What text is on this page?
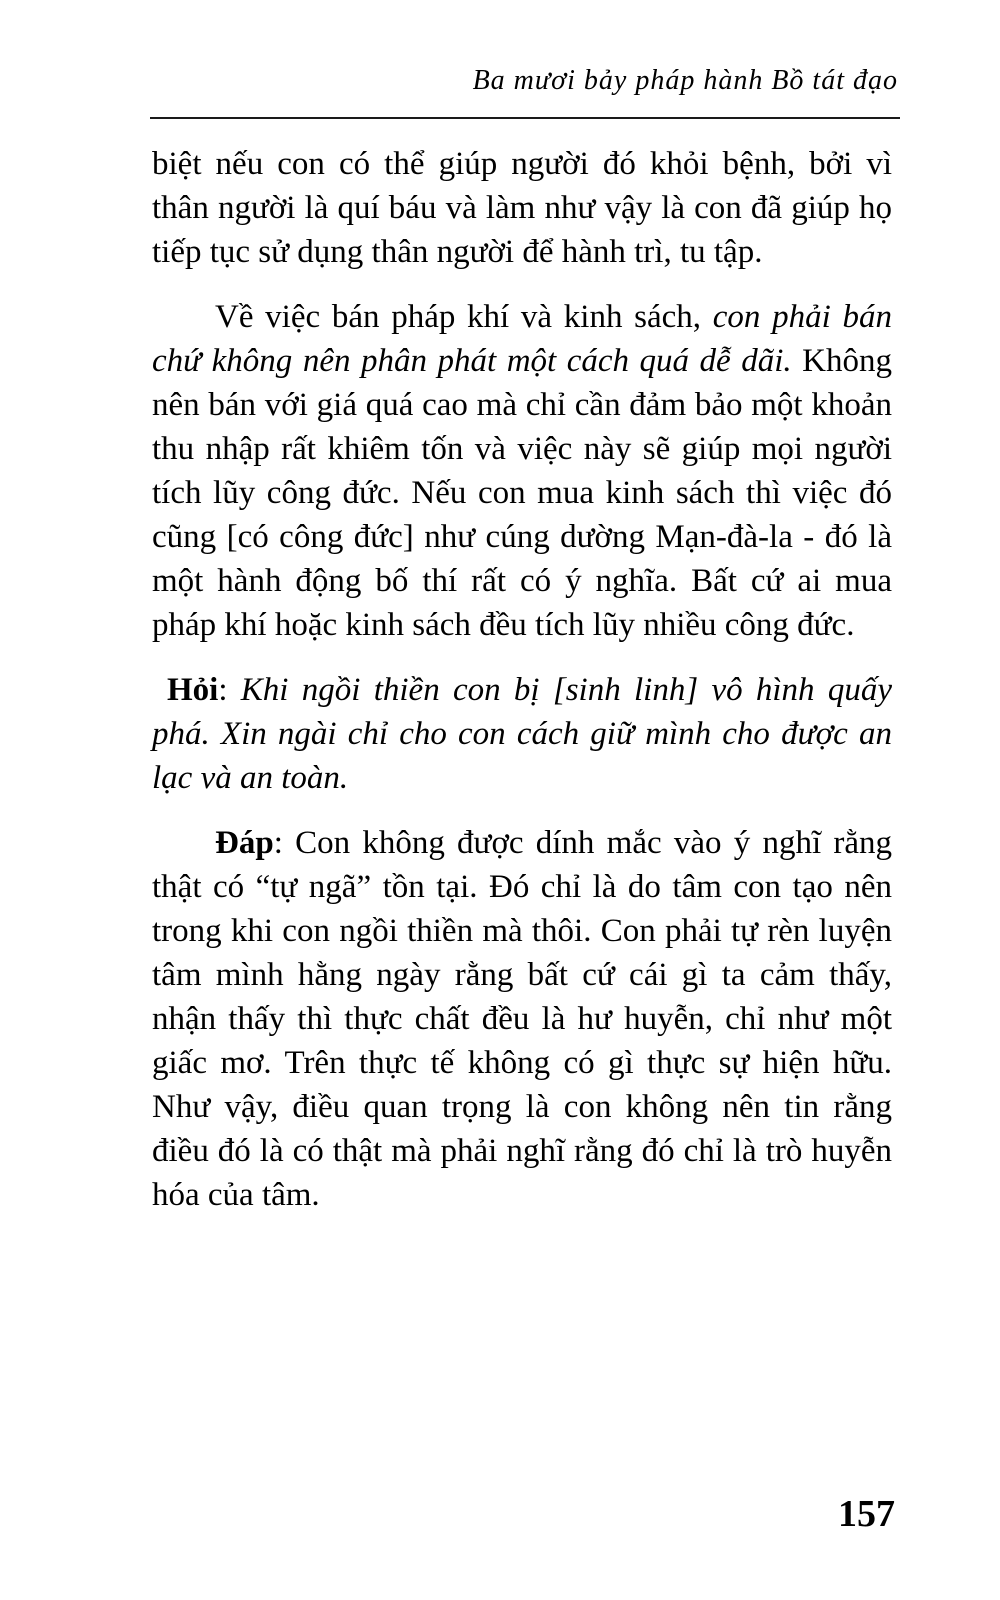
Ba mươi bảy pháp hành Bồ tát đạo

biệt nếu con có thể giúp người đó khỏi bệnh, bởi vì thân người là quí báu và làm như vậy là con đã giúp họ tiếp tục sử dụng thân người để hành trì, tu tập.

Về việc bán pháp khí và kinh sách, con phải bán chứ không nên phân phát một cách quá dễ dãi. Không nên bán với giá quá cao mà chỉ cần đảm bảo một khoản thu nhập rất khiêm tốn và việc này sẽ giúp mọi người tích lũy công đức. Nếu con mua kinh sách thì việc đó cũng [có công đức] như cúng dường Mạn-đà-la - đó là một hành động bố thí rất có ý nghĩa. Bất cứ ai mua pháp khí hoặc kinh sách đều tích lũy nhiều công đức.

Hỏi: Khi ngồi thiền con bị [sinh linh] vô hình quấy phá. Xin ngài chỉ cho con cách giữ mình cho được an lạc và an toàn.

Đáp: Con không được dính mắc vào ý nghĩ rằng thật có “tự ngã” tồn tại. Đó chỉ là do tâm con tạo nên trong khi con ngồi thiền mà thôi. Con phải tự rèn luyện tâm mình hằng ngày rằng bất cứ cái gì ta cảm thấy, nhận thấy thì thực chất đều là hư huyễn, chỉ như một giấc mơ. Trên thực tế không có gì thực sự hiện hữu. Như vậy, điều quan trọng là con không nên tin rằng điều đó là có thật mà phải nghĩ rằng đó chỉ là trò huyễn hóa của tâm.

157
